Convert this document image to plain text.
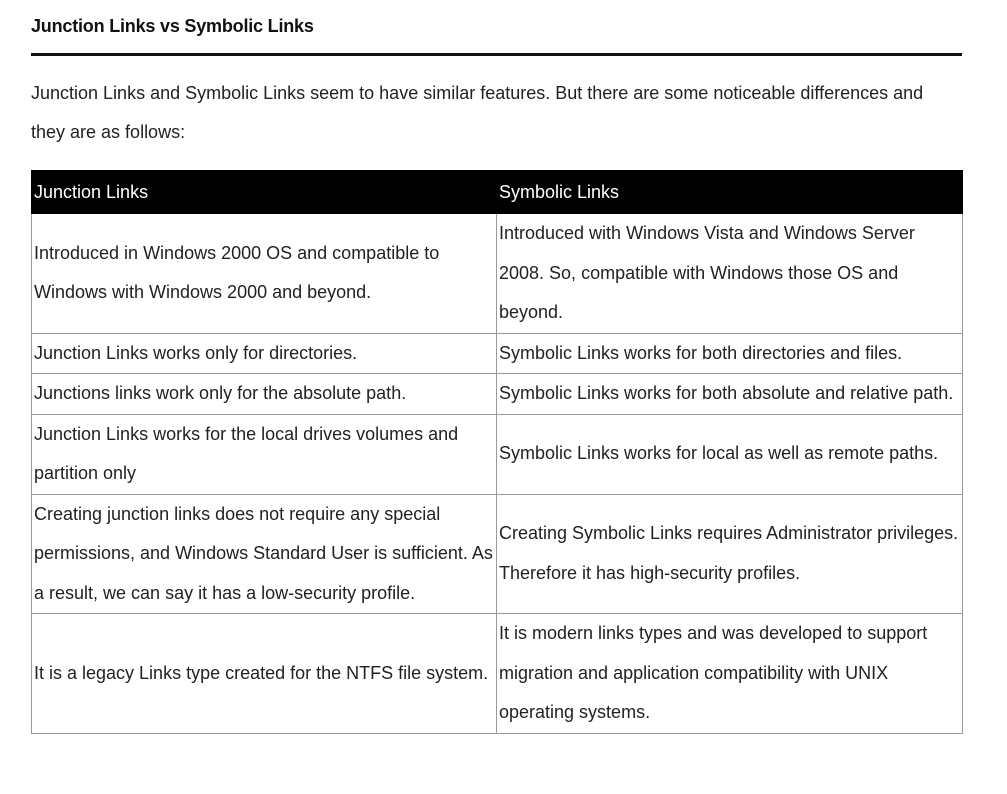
Junction Links vs Symbolic Links
Junction Links and Symbolic Links seem to have similar features. But there are some noticeable differences and they are as follows:
Junction Links	Symbolic Links
Introduced in Windows 2000 OS and compatible to Windows with Windows 2000 and beyond.	Introduced with Windows Vista and Windows Server 2008. So, compatible with Windows those OS and beyond.
Junction Links works only for directories.	Symbolic Links works for both directories and files.
Junctions links work only for the absolute path.	Symbolic Links works for both absolute and relative path.
Junction Links works for the local drives volumes and partition only	Symbolic Links works for local as well as remote paths.
Creating junction links does not require any special permissions, and Windows Standard User is sufficient. As a result, we can say it has a low-security profile.	Creating Symbolic Links requires Administrator privileges. Therefore it has high-security profiles.
It is a legacy Links type created for the NTFS file system.	It is modern links types and was developed to support migration and application compatibility with UNIX operating systems.
